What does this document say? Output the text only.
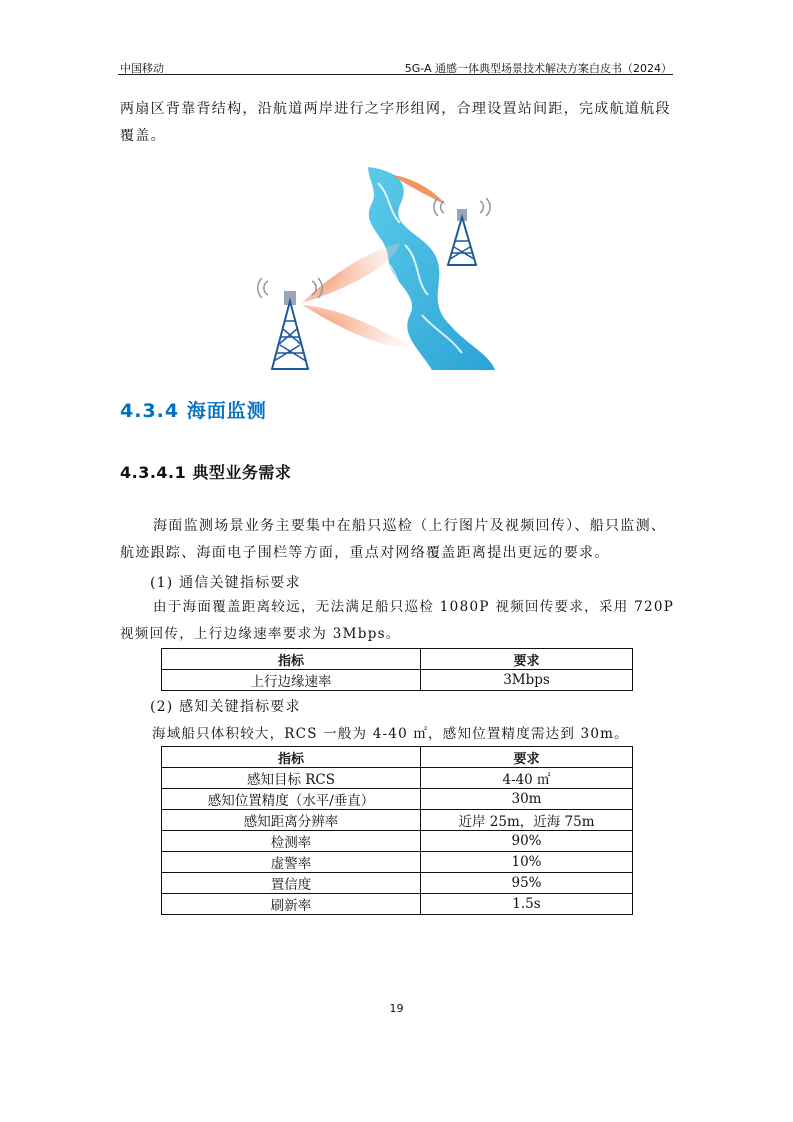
中国移动	5G-A 通感一体典型场景技术解决方案白皮书（2024）

两扇区背靠背结构，沿航道两岸进行之字形组网，合理设置站间距，完成航道航段覆盖。

4.3.4 海面监测
4.3.4.1 典型业务需求

海面监测场景业务主要集中在船只巡检（上行图片及视频回传）、船只监测、航迹跟踪、海面电子围栏等方面，重点对网络覆盖距离提出更远的要求。

(1) 通信关键指标要求

由于海面覆盖距离较远，无法满足船只巡检 1080P 视频回传要求，采用 720P 视频回传，上行边缘速率要求为 3Mbps。

指标	要求
上行边缘速率	3Mbps

(2) 感知关键指标要求

海域船只体积较大，RCS 一般为 4-40 ㎡，感知位置精度需达到 30m。

指标	要求
感知目标 RCS	4-40 ㎡
感知位置精度（水平/垂直）	30m
感知距离分辨率	近岸 25m，近海 75m
检测率	90%
虚警率	10%
置信度	95%
刷新率	1.5s
19
